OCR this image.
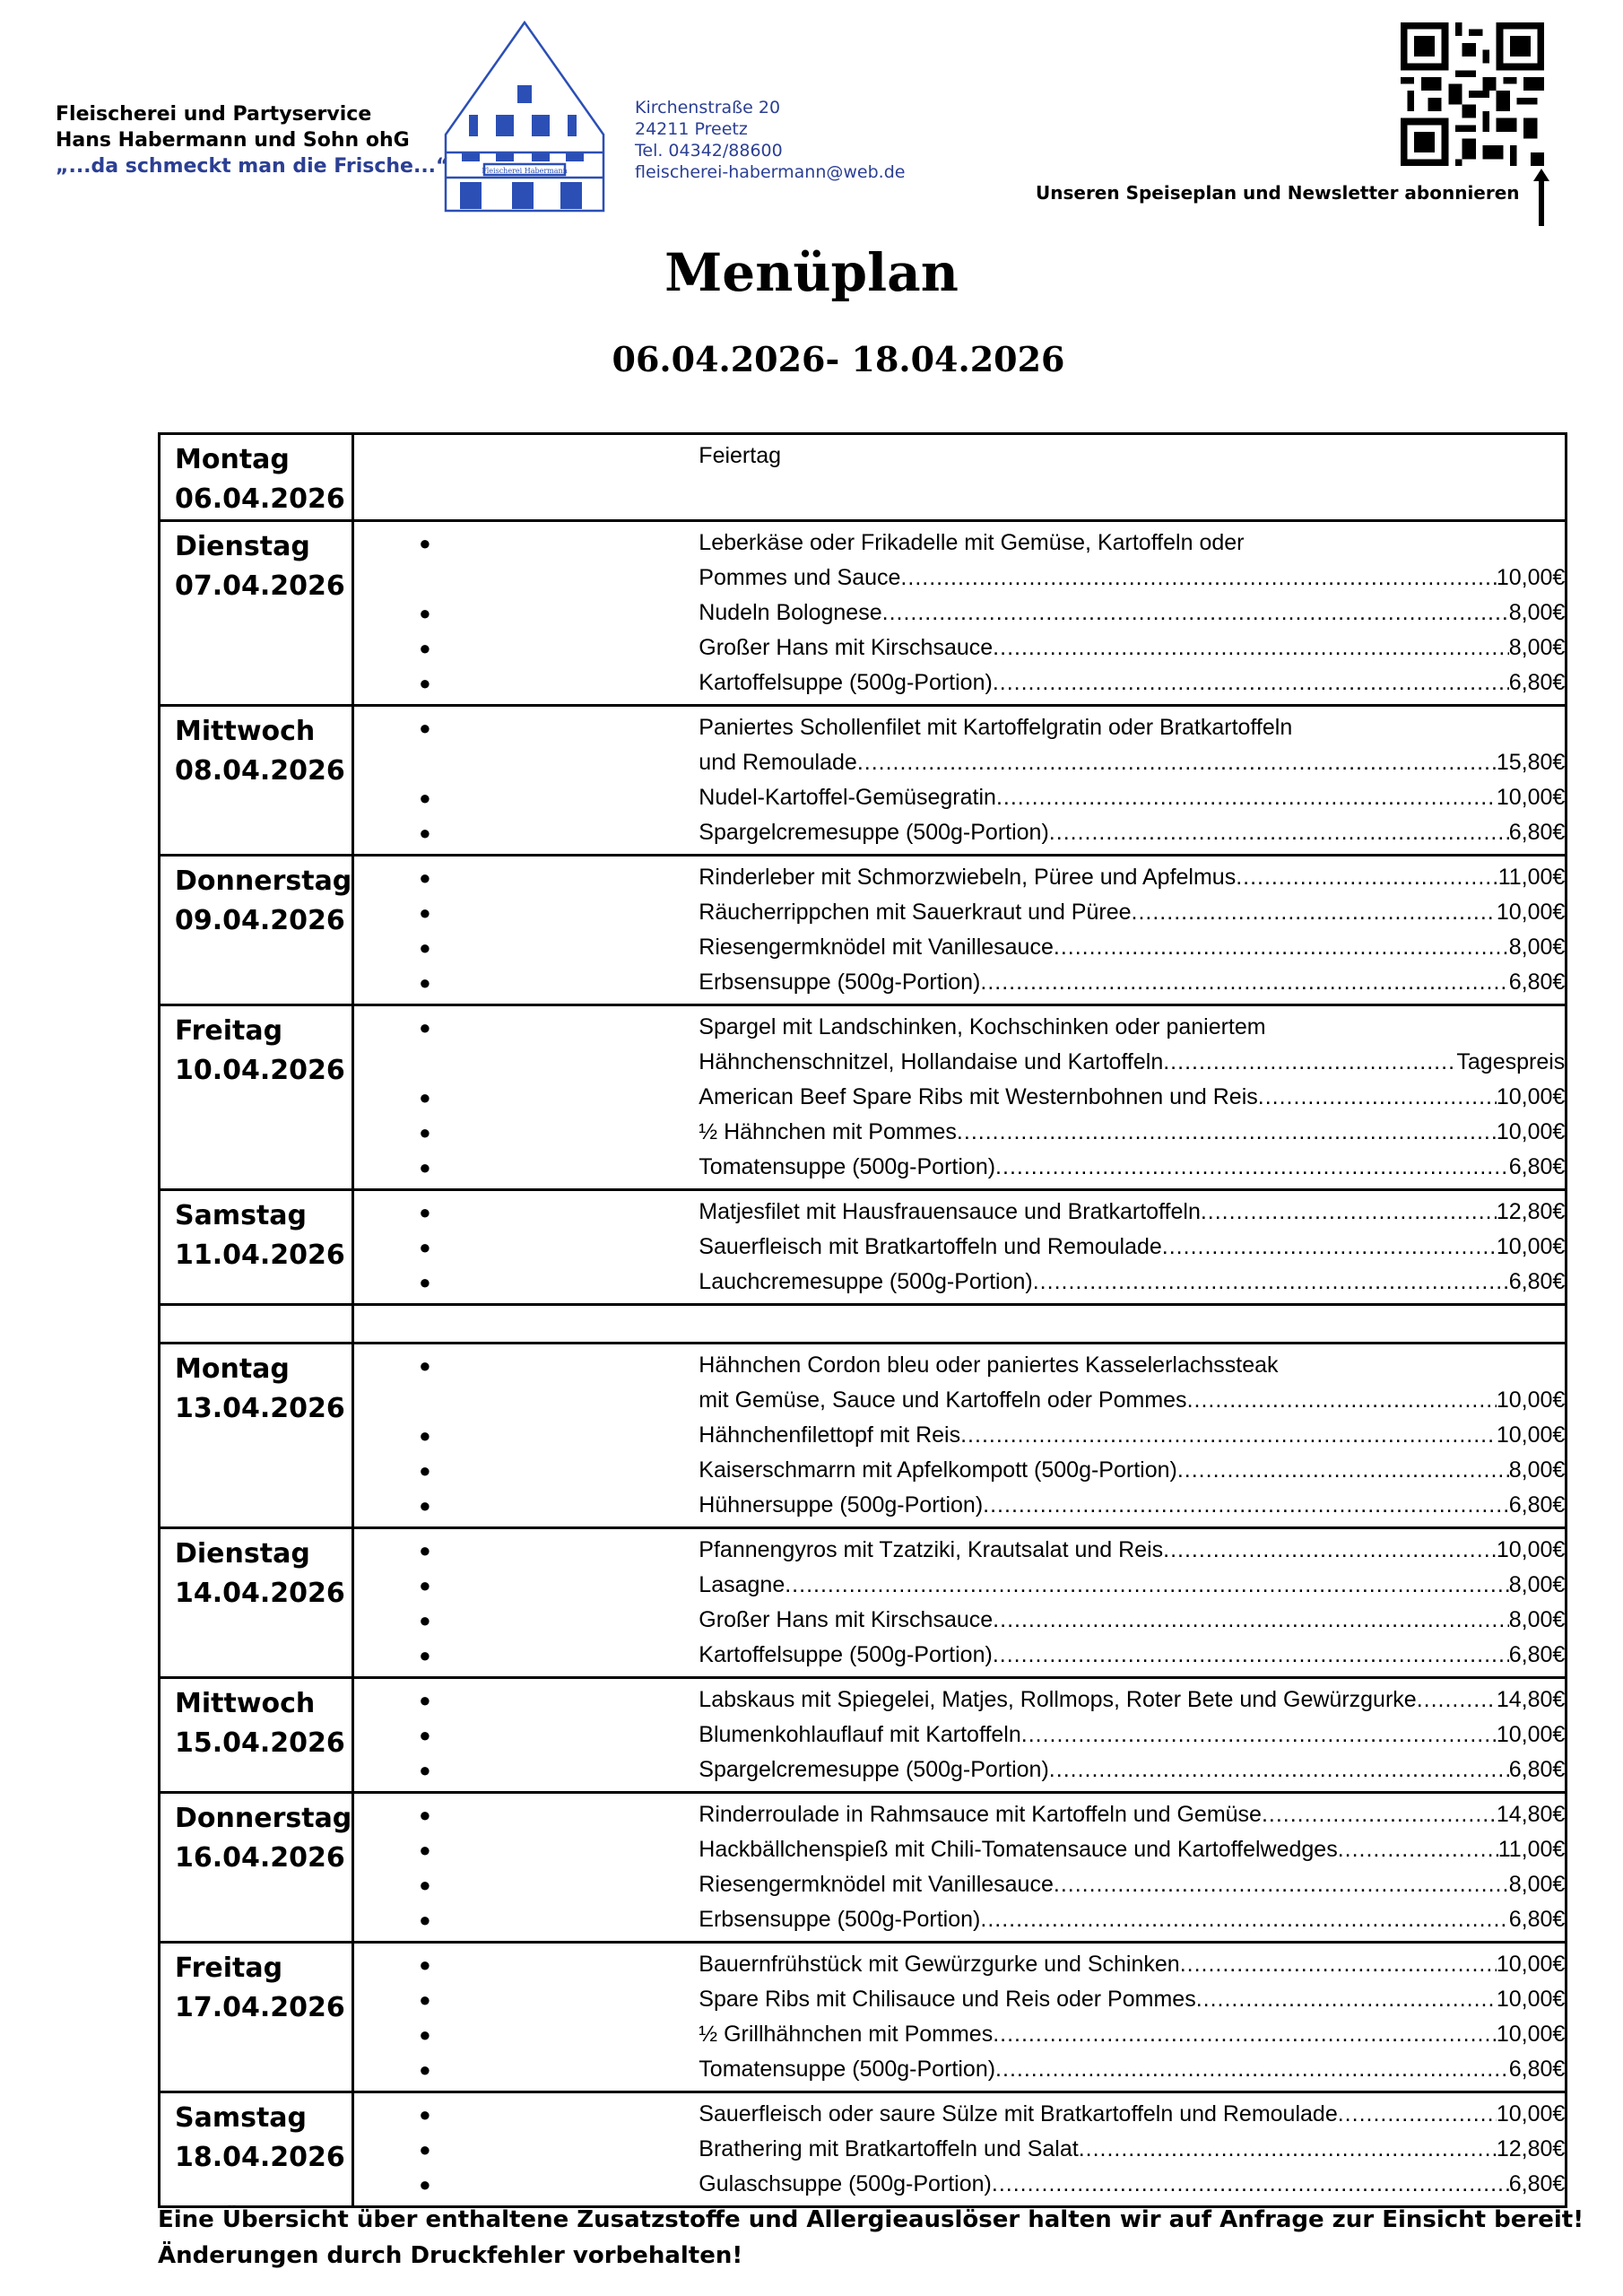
Fleischerei und Partyservice
Hans Habermann und Sohn ohG
„...da schmeckt man die Frische...“	Fleischerei Habermann
Kirchenstraße 20
24211 Preetz
Tel. 04342/88600
fleischerei-habermann@web.de
Unseren Speiseplan und Newsletter abonnieren
Menüplan
06.04.2026- 18.04.2026
Montag
06.04.2026	Feiertag

Dienstag
07.04.2026

●	Leberkäse oder Frikadelle mit Gemüse, Kartoffeln oder
Pommes und Sauce .....	10,00€
●	Nudeln Bolognese .....	8,00€
●	Großer Hans mit Kirschsauce .....	8,00€
●	Kartoffelsuppe (500g-Portion) .....	6,80€

Mittwoch
08.04.2026

●	Paniertes Schollenfilet mit Kartoffelgratin oder Bratkartoffeln
und Remoulade .....	15,80€
●	Nudel-Kartoffel-Gemüsegratin .....	10,00€
●	Spargelcremesuppe (500g-Portion) .....	6,80€

Donnerstag
09.04.2026

●	Rinderleber mit Schmorzwiebeln, Püree und Apfelmus .....	11,00€
●	Räucherrippchen mit Sauerkraut und Püree .....	10,00€
●	Riesengermknödel mit Vanillesauce .....	8,00€
●	Erbsensuppe (500g-Portion) .....	6,80€

Freitag
10.04.2026

●	Spargel mit Landschinken, Kochschinken oder paniertem
Hähnchenschnitzel, Hollandaise und Kartoffeln .....	Tagespreis
●	American Beef Spare Ribs mit Westernbohnen und Reis .....	10,00€
●	½ Hähnchen mit Pommes .....	10,00€
●	Tomatensuppe (500g-Portion) .....	6,80€

Samstag
11.04.2026

●	Matjesfilet mit Hausfrauensauce und Bratkartoffeln .....	12,80€
●	Sauerfleisch mit Bratkartoffeln und Remoulade .....	10,00€
●	Lauchcremesuppe (500g-Portion) .....	6,80€

Montag
13.04.2026

●	Hähnchen Cordon bleu oder paniertes Kasselerlachssteak
mit Gemüse, Sauce und Kartoffeln oder Pommes .....	10,00€
●	Hähnchenfilettopf mit Reis .....	10,00€
●	Kaiserschmarrn mit Apfelkompott (500g-Portion) .....	8,00€
●	Hühnersuppe (500g-Portion) .....	6,80€

Dienstag
14.04.2026

●	Pfannengyros mit Tzatziki, Krautsalat und Reis .....	10,00€
●	Lasagne .....	8,00€
●	Großer Hans mit Kirschsauce .....	8,00€
●	Kartoffelsuppe (500g-Portion) .....	6,80€

Mittwoch
15.04.2026

●	Labskaus mit Spiegelei, Matjes, Rollmops, Roter Bete und Gewürzgurke .....	14,80€
●	Blumenkohlauflauf mit Kartoffeln .....	10,00€
●	Spargelcremesuppe (500g-Portion) .....	6,80€

Donnerstag
16.04.2026

●	Rinderroulade in Rahmsauce mit Kartoffeln und Gemüse .....	14,80€
●	Hackbällchenspieß mit Chili-Tomatensauce und Kartoffelwedges .....	11,00€
●	Riesengermknödel mit Vanillesauce .....	8,00€
●	Erbsensuppe (500g-Portion) .....	6,80€

Freitag
17.04.2026

●	Bauernfrühstück mit Gewürzgurke und Schinken .....	10,00€
●	Spare Ribs mit Chilisauce und Reis oder Pommes .....	10,00€
●	½ Grillhähnchen mit Pommes .....	10,00€
●	Tomatensuppe (500g-Portion) .....	6,80€

Samstag
18.04.2026

●	Sauerfleisch oder saure Sülze mit Bratkartoffeln und Remoulade .....	10,00€
●	Brathering mit Bratkartoffeln und Salat .....	12,80€
●	Gulaschsuppe (500g-Portion) .....	6,80€
Eine Übersicht über enthaltene Zusatzstoffe und Allergieauslöser halten wir auf Anfrage zur Einsicht bereit!
Änderungen durch Druckfehler vorbehalten!
